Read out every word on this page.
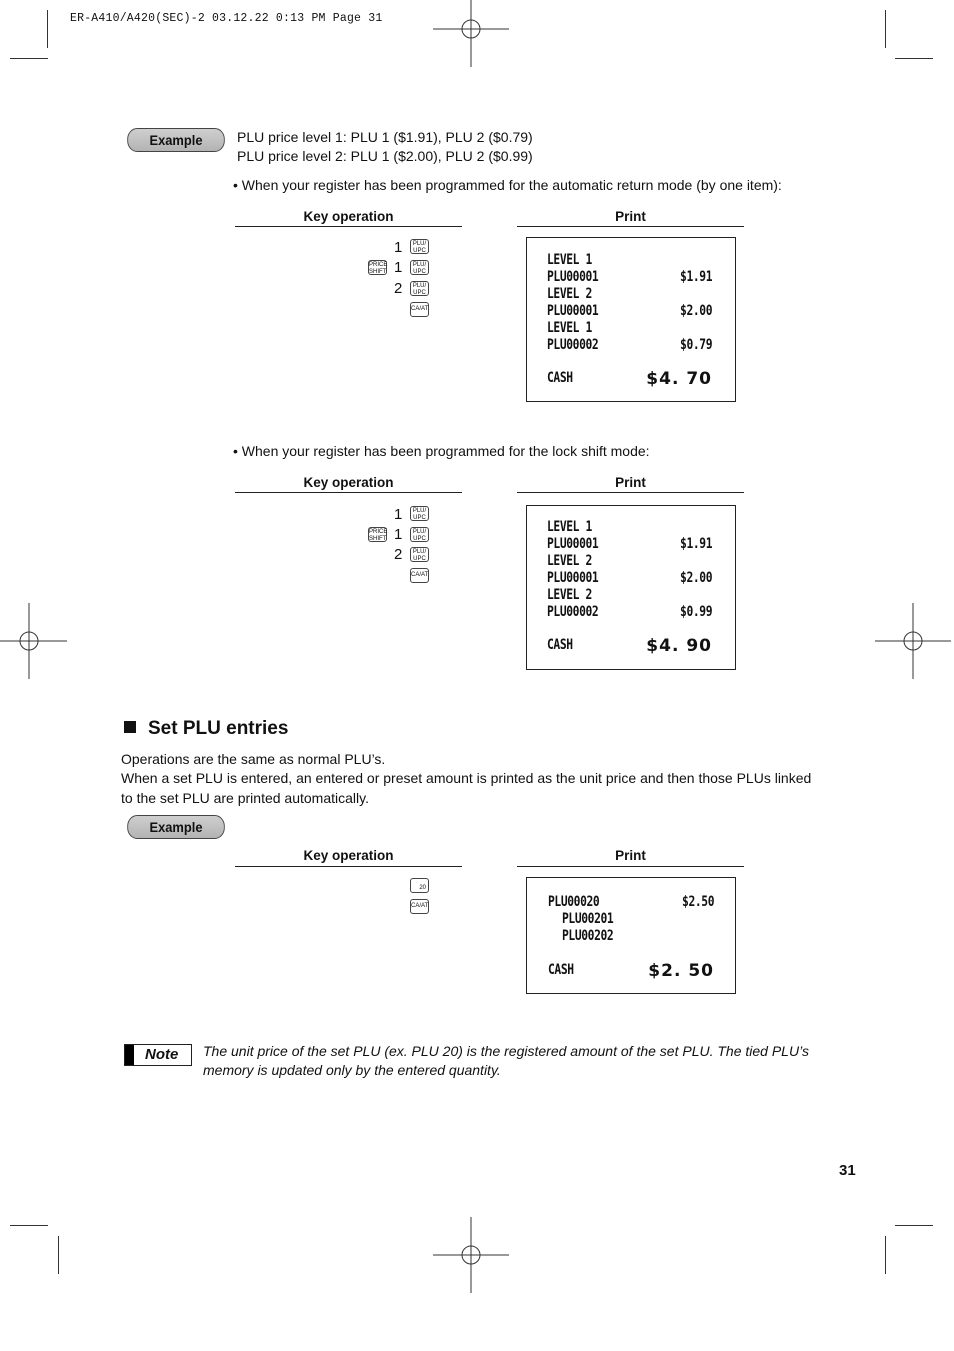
ER-A410/A420(SEC)-2 03.12.22 0:13 PM Page 31
Example	PLU price level 1: PLU 1 ($1.91), PLU 2 ($0.79)
PLU price level 2: PLU 1 ($2.00), PLU 2 ($0.99)
• When your register has been programmed for the automatic return mode (by one item):
Key operation	Print
1	PLU/
UPC
PRICE
SHIFT 1	PLU/
UPC
2	PLU/
UPC
CA/AT
LEVEL 1
PLU00001	$1.91
LEVEL 2
PLU00001	$2.00
LEVEL 1
PLU00002	$0.79
CASH	$4. 70
• When your register has been programmed for the lock shift mode:
Key operation	Print
1	PLU/
UPC
PRICE
SHIFT 1	PLU/
UPC
2	PLU/
UPC
CA/AT
LEVEL 1
PLU00001	$1.91
LEVEL 2
PLU00001	$2.00
LEVEL 2
PLU00002	$0.99
CASH	$4. 90
Set PLU entries
Operations are the same as normal PLU’s.
When a set PLU is entered, an entered or preset amount is printed as the unit price and then those PLUs linked
to the set PLU are printed automatically.
Example
Key operation	Print
20
CA/AT	PLU00020	$2.50
PLU00201
PLU00202
CASH	$2. 50
Note The unit price of the set PLU (ex. PLU 20) is the registered amount of the set PLU. The tied PLU’s
memory is updated only by the entered quantity.
31
